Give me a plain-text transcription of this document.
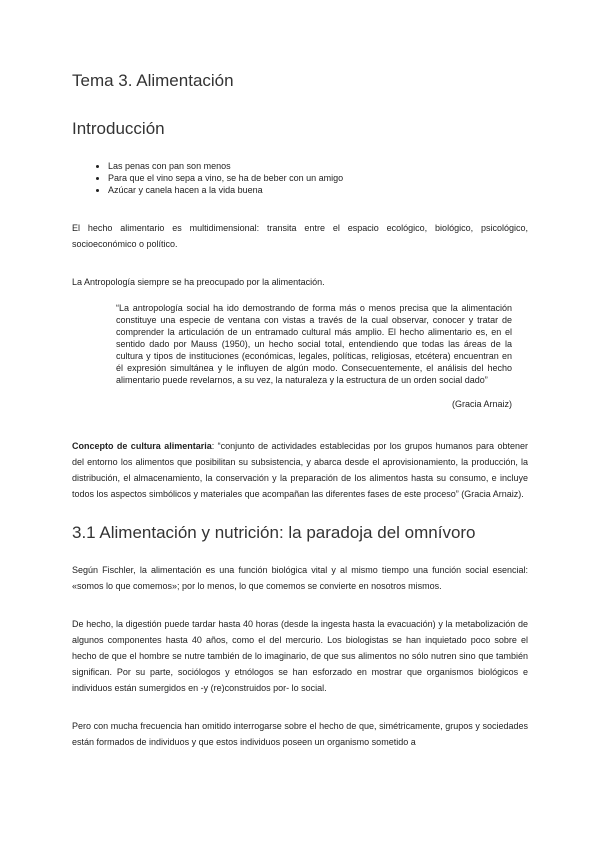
Tema 3. Alimentación
Introducción
• Las penas con pan son menos
• Para que el vino sepa a vino, se ha de beber con un amigo
• Azúcar y canela hacen a la vida buena

El hecho alimentario es multidimensional: transita entre el espacio ecológico, biológico, psicológico, socioeconómico o político.

La Antropología siempre se ha preocupado por la alimentación.

“La antropología social ha ido demostrando de forma más o menos precisa que la alimentación constituye una especie de ventana con vistas a través de la cual observar, conocer y tratar de comprender la articulación de un entramado cultural más amplio. El hecho alimentario es, en el sentido dado por Mauss (1950), un hecho social total, entendiendo que todas las áreas de la cultura y tipos de instituciones (económicas, legales, políticas, religiosas, etcétera) encuentran en él expresión simultánea y le influyen de algún modo. Consecuentemente, el análisis del hecho alimentario puede revelarnos, a su vez, la naturaleza y la estructura de un orden social dado”
(Gracia Arnaiz)

Concepto de cultura alimentaria: “conjunto de actividades establecidas por los grupos humanos para obtener del entorno los alimentos que posibilitan su subsistencia, y abarca desde el aprovisionamiento, la producción, la distribución, el almacenamiento, la conservación y la preparación de los alimentos hasta su consumo, e incluye todos los aspectos simbólicos y materiales que acompañan las diferentes fases de este proceso” (Gracia Arnaiz).

3.1 Alimentación y nutrición: la paradoja del omnívoro

Según Fischler, la alimentación es una función biológica vital y al mismo tiempo una función social esencial: «somos lo que comemos»; por lo menos, lo que comemos se convierte en nosotros mismos.

De hecho, la digestión puede tardar hasta 40 horas (desde la ingesta hasta la evacuación) y la metabolización de algunos componentes hasta 40 años, como el del mercurio. Los biologistas se han inquietado poco sobre el hecho de que el hombre se nutre también de lo imaginario, de que sus alimentos no sólo nutren sino que también significan. Por su parte, sociólogos y etnólogos se han esforzado en mostrar que organismos biológicos e individuos están sumergidos en -y (re)construidos por- lo social.

Pero con mucha frecuencia han omitido interrogarse sobre el hecho de que, simétricamente, grupos y sociedades están formados de individuos y que estos individuos poseen un organismo sometido a
